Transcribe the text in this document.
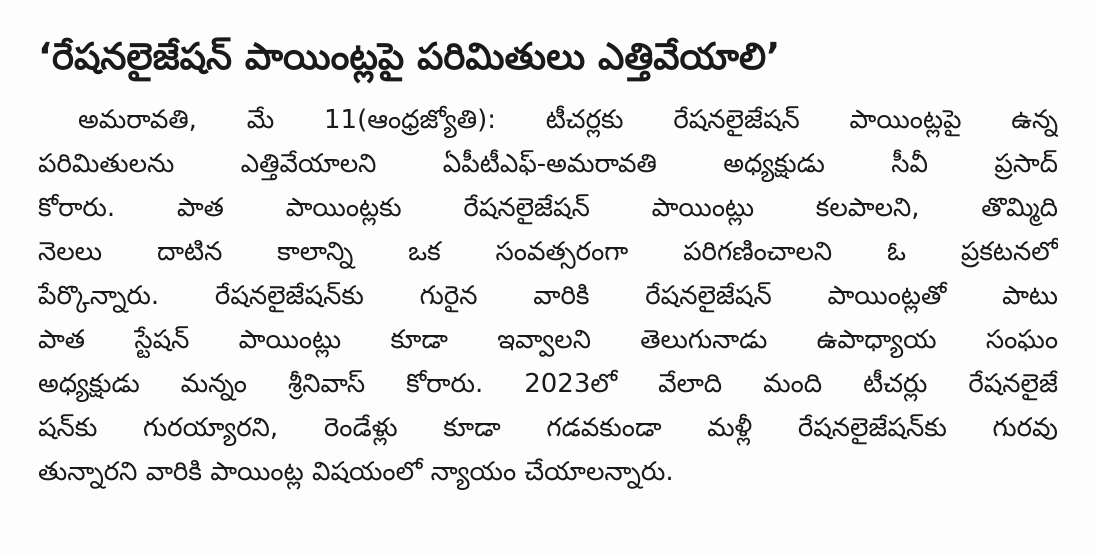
‘రేషనలైజేషన్ పాయింట్లపై పరిమితులు ఎత్తివేయాలి’
అమరావతి, మే 11(ఆంధ్రజ్యోతి): టీచర్లకు రేషనలైజేషన్ పాయింట్లపై ఉన్న
పరిమితులను ఎత్తివేయాలని ఏపీటీఎఫ్-అమరావతి అధ్యక్షుడు సీవీ ప్రసాద్
కోరారు. పాత పాయింట్లకు రేషనలైజేషన్ పాయింట్లు కలపాలని, తొమ్మిది
నెలలు దాటిన కాలాన్ని ఒక సంవత్సరంగా పరిగణించాలని ఓ ప్రకటనలో
పేర్కొన్నారు. రేషనలైజేషన్‌కు గురైన వారికి రేషనలైజేషన్ పాయింట్లతో పాటు
పాత స్టేషన్ పాయింట్లు కూడా ఇవ్వాలని తెలుగునాడు ఉపాధ్యాయ సంఘం
అధ్యక్షుడు మన్నం శ్రీనివాస్ కోరారు. 2023లో వేలాది మంది టీచర్లు రేషనలైజే
షన్‌కు గురయ్యారని, రెండేళ్లు కూడా గడవకుండా మళ్లీ రేషనలైజేషన్‌కు గురవు
తున్నారని వారికి పాయింట్ల విషయంలో న్యాయం చేయాలన్నారు.
